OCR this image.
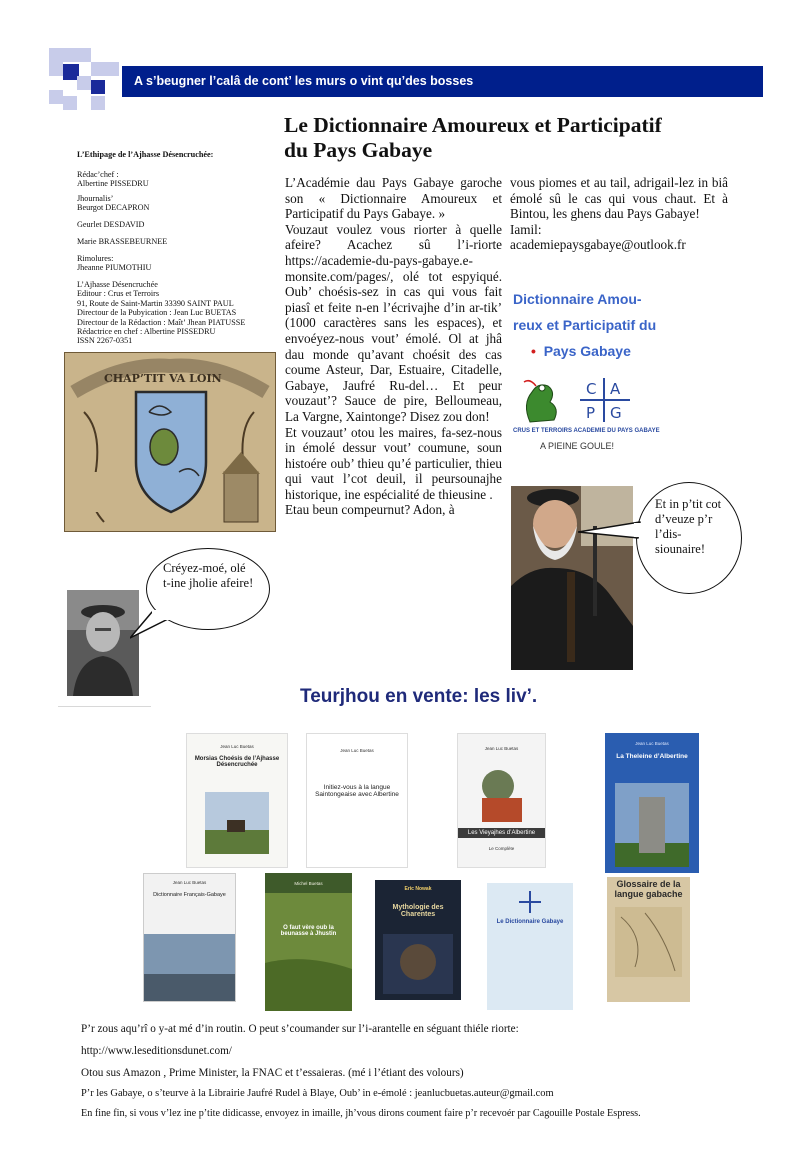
A s’beugner l’calâ de cont’ les murs o vint qu’des bosses
Le Dictionnaire Amoureux et Participatif
du Pays Gabaye
L’Ethipage de l’Ajhasse Désencruchée:
Rédac’chef :
Albertine PISSEDRU
Jhournalis’
Beurgot DECAPRON
Geurlet DESDAVID
Marie BRASSEBEURNEE
Rimolures:
Jheanne PIUMOTHIU
L’Ajhasse Désencruchée
Editour : Crus et Terroirs
91, Route de Saint-Martin 33390 SAINT PAUL
Directour de la Pubyication : Jean Luc BUETAS
Directour de la Rédaction : Maît’ Jhean PIATUSSE
Rédactrice en chef : Albertine PISSEDRU
ISSN 2267-0351
CHAP’TIT VA LOIN
Créyez-moé, olé t-ine jholie afeire!

L’Académie dau Pays Gabaye garoche son « Dictionnaire Amoureux et Participatif du Pays Gabaye. »

Vouzaut voulez vous riorter à quelle afeire? Acachez sû l’i-riorte https://academie-du-pays-gabaye.e-monsite.com/pages/, olé tot espyiqué. Oub’ choésis-sez in cas qui vous fait piasî et feite n-en l’écrivajhe d’in ar-tik’ (1000 caractères sans les espaces), et envoéyez-nous vout’ émolé. Ol at jhâ dau monde qu’avant choésit des cas coume Asteur, Dar, Estuaire, Citadelle, Gabaye, Jaufré Ru-del… Et peur vouzaut’? Sauce de pire, Belloumeau, La Vargne, Xaintonge? Disez zou don!

Et vouzaut’ otou les maires, fa-sez-nous in émolé dessur vout’ coumune, soun histoére oub’ thieu qu’é particulier, thieu qui vaut l’cot deuil, il peursounajhe historique, ine espécialité de thieusine .

Etau beun compeurnut? Adon, à

vous piomes et au tail, adrigail-lez in biâ émolé sû le cas qui vous chaut. Et à Bintou, les ghens dau Pays Gabaye!

Iamil:

academiepaysgabaye@outlook.fr

Dictionnaire Amou-
reux et Participatif du
• Pays Gabaye
C A
P G
CRUS ET TERROIRS ACADEMIE DU PAYS GABAYE
A PIEINE GOULE!
Et in p’tit cot d’veuze p’r l’dis-siounaire!
Teurjhou en vente: les liv’.
Jean Luc Buetas
Morsias Choésis de l’Ajhasse Désencruchée
Jean Luc Buetas
Initiez-vous à la langue Saintongeaise avec Albertine
Jean Luc Buetas
Les Vieyajhes d’Albertine
Le Complète
Jean Luc Buetas
La Theleine d’Albertine
Jean Luc Buetas
Dictionnaire Français-Gabaye
Michel Buetas
O faut vère oub la beunasse à Jhustin
Eric Nowak
Mythologie des Charentes
Le Dictionnaire Gabaye
Glossaire de la langue gabache
P’r zous aqu’rî o y-at mé d’in routin. O peut s’coumander sur l’i-arantelle en séguant thiéle riorte:
http://www.leseditionsdunet.com/
Otou sus Amazon , Prime Minister, la FNAC et t’essaieras. (mé i l’étiant des volours)
P’r les Gabaye, o s’teurve à la Librairie Jaufré Rudel à Blaye, Oub’ in e-émolé : jeanlucbuetas.auteur@gmail.com
En fine fin, si vous v’lez ine p’tite didicasse, envoyez in imaille, jh’vous dirons coument faire p’r recevoér par Cagouille Postale Espress.
